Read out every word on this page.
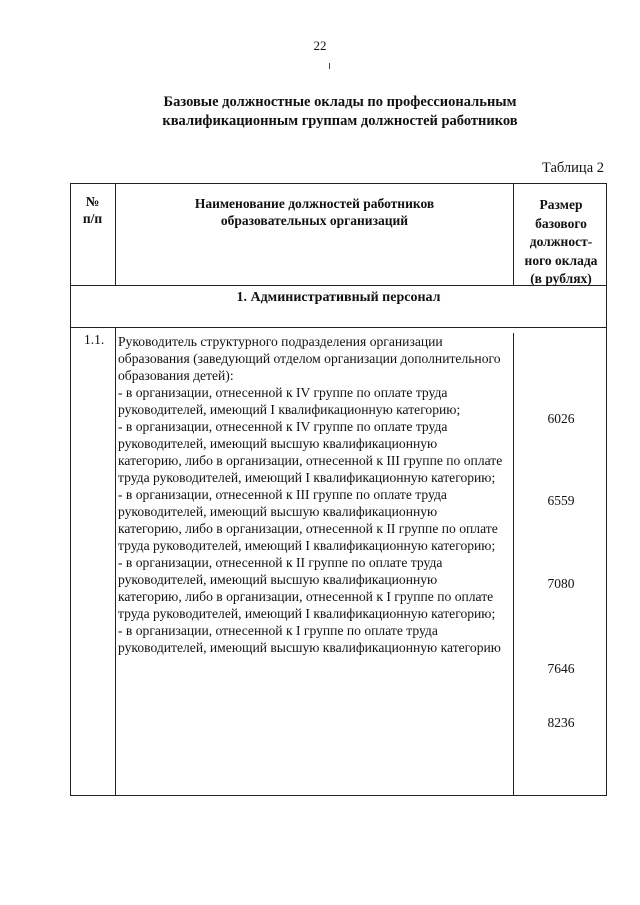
22
Базовые должностные оклады по профессиональным
квалификационным группам должностей работников
Таблица 2
№
п/п
Наименование должностей работников
образовательных организаций
Размер
базового
должност-
ного оклада
(в рублях)
1. Административный персонал
1.1. Руководитель структурного подразделения организации образования (заведующий отделом организации дополнительного образования детей):

- в организации, отнесенной к IV группе по оплате труда руководителей, имеющий I квалификационную категорию;

- в организации, отнесенной к IV группе по оплате труда руководителей, имеющий высшую квалификационную категорию, либо в организации, отнесенной к III группе по оплате труда руководителей, имеющий I квалификационную категорию;

- в организации, отнесенной к III группе по оплате труда руководителей, имеющий высшую квалификационную категорию, либо в организации, отнесенной к II группе по оплате труда руководителей, имеющий I квалификационную категорию;

- в организации, отнесенной к II группе по оплате труда руководителей, имеющий высшую квалификационную категорию, либо в организации, отнесенной к I группе по оплате труда руководителей, имеющий I квалификационную категорию;

- в организации, отнесенной к I группе по оплате труда руководителей, имеющий высшую квалификационную категорию

6026
6559
7080
7646
8236
